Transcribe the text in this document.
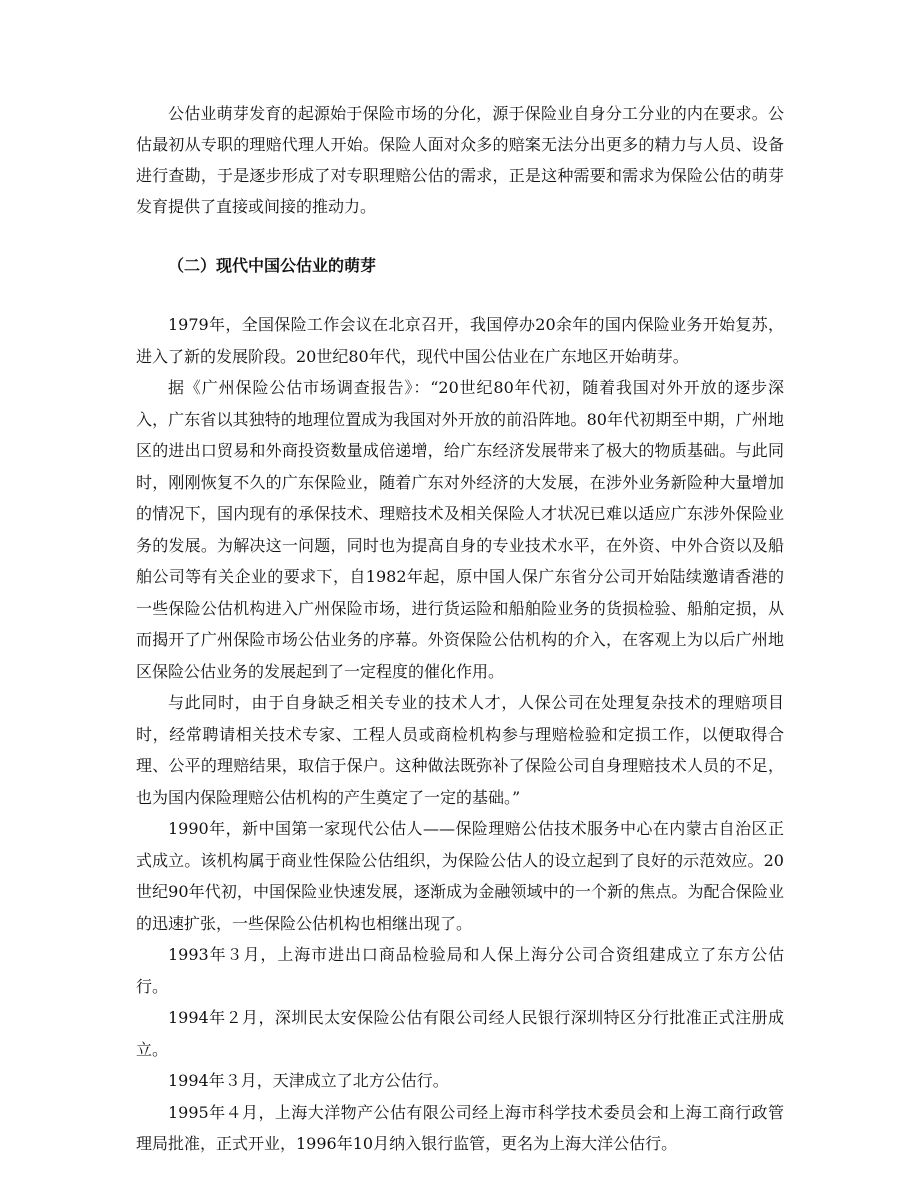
公估业萌芽发育的起源始于保险市场的分化，源于保险业自身分工分业的内在要求。公估最初从专职的理赔代理人开始。保险人面对众多的赔案无法分出更多的精力与人员、设备进行查勘，于是逐步形成了对专职理赔公估的需求，正是这种需要和需求为保险公估的萌芽发育提供了直接或间接的推动力。

（二）现代中国公估业的萌芽

1979年，全国保险工作会议在北京召开，我国停办20余年的国内保险业务开始复苏，进入了新的发展阶段。20世纪80年代，现代中国公估业在广东地区开始萌芽。

据《广州保险公估市场调查报告》：“20世纪80年代初，随着我国对外开放的逐步深入，广东省以其独特的地理位置成为我国对外开放的前沿阵地。80年代初期至中期，广州地区的进出口贸易和外商投资数量成倍递增，给广东经济发展带来了极大的物质基础。与此同时，刚刚恢复不久的广东保险业，随着广东对外经济的大发展，在涉外业务新险种大量增加的情况下，国内现有的承保技术、理赔技术及相关保险人才状况已难以适应广东涉外保险业务的发展。为解决这一问题，同时也为提高自身的专业技术水平，在外资、中外合资以及船舶公司等有关企业的要求下，自1982年起，原中国人保广东省分公司开始陆续邀请香港的一些保险公估机构进入广州保险市场，进行货运险和船舶险业务的货损检验、船舶定损，从而揭开了广州保险市场公估业务的序幕。外资保险公估机构的介入，在客观上为以后广州地区保险公估业务的发展起到了一定程度的催化作用。

与此同时，由于自身缺乏相关专业的技术人才，人保公司在处理复杂技术的理赔项目时，经常聘请相关技术专家、工程人员或商检机构参与理赔检验和定损工作，以便取得合理、公平的理赔结果，取信于保户。这种做法既弥补了保险公司自身理赔技术人员的不足，也为国内保险理赔公估机构的产生奠定了一定的基础。”

1990年，新中国第一家现代公估人——保险理赔公估技术服务中心在内蒙古自治区正式成立。该机构属于商业性保险公估组织，为保险公估人的设立起到了良好的示范效应。20世纪90年代初，中国保险业快速发展，逐渐成为金融领域中的一个新的焦点。为配合保险业的迅速扩张，一些保险公估机构也相继出现了。

1993年３月，上海市进出口商品检验局和人保上海分公司合资组建成立了东方公估行。

1994年２月，深圳民太安保险公估有限公司经人民银行深圳特区分行批准正式注册成立。

1994年３月，天津成立了北方公估行。

1995年４月，上海大洋物产公估有限公司经上海市科学技术委员会和上海工商行政管理局批准，正式开业，1996年10月纳入银行监管，更名为上海大洋公估行。
